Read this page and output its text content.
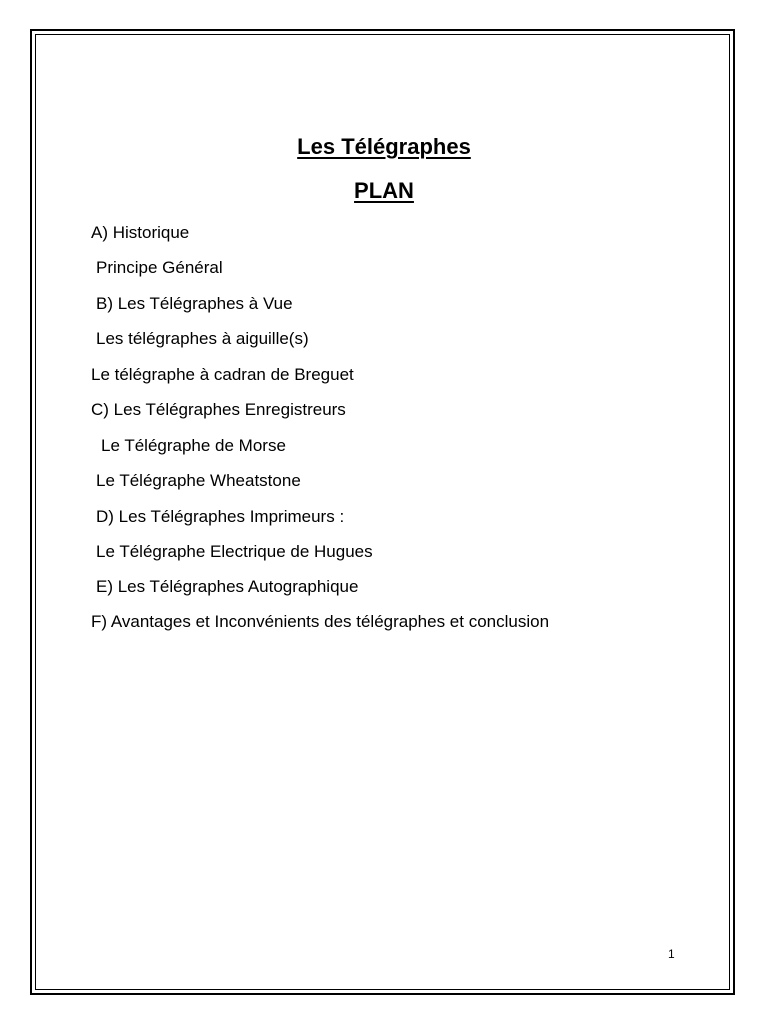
Les Télégraphes
PLAN
A) Historique
Principe Général
B) Les Télégraphes à Vue
Les télégraphes à aiguille(s)
Le télégraphe à cadran de Breguet
C) Les Télégraphes Enregistreurs
Le Télégraphe de Morse
Le Télégraphe Wheatstone
D) Les Télégraphes Imprimeurs :
Le Télégraphe Electrique de Hugues
E) Les Télégraphes Autographique
F) Avantages et Inconvénients des télégraphes et conclusion
1
